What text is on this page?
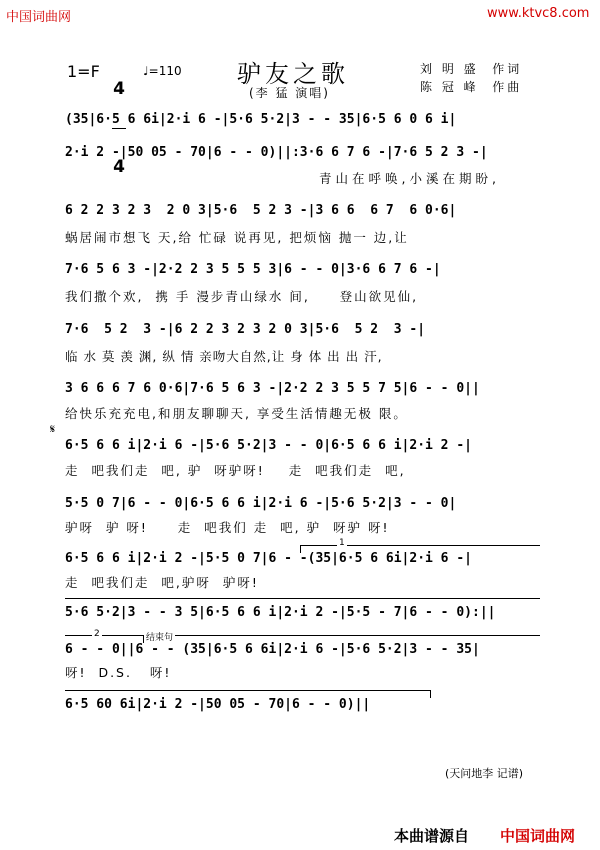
中国词曲网	www.ktvc8.com
1=F

4

4

♩=110 驴友之歌
(李 猛 演唱)
刘 明 盛  作词
陈 冠 峰  作曲
(35|6·5 6 6i|2·i 6 -|5·6 5·2|3 - - 35|6·5 6 0 6 i|
2·i 2 -|50 05 - 70|6 - - 0)||:3·6 6 7 6 -|7·6 5 2 3 -|
青山在呼唤,小溪在期盼,
6 2 2 3 2 3  2 0 3|5·6  5 2 3 -|3 6 6  6 7  6 0·6|
蜗居闹市想飞 天,给 忙碌 说再见, 把烦恼 抛一 边,让
7·6 5 6 3 -|2·2 2 3 5 5 5 3|6 - - 0|3·6 6 7 6 -|
我们撒个欢,  携 手 漫步青山绿水 间,     登山欲见仙,
7·6  5 2  3 -|6 2 2 3 2 3 2 0 3|5·6  5 2  3 -|
临 水 莫 羡 渊, 纵 情 亲吻大自然,让 身 体 出 出 汗,
3 6 6 6 7 6 0·6|7·6 5 6 3 -|2·2 2 3 5 5 7 5|6 - - 0||
给快乐充充电,和朋友聊聊天, 享受生活情趣无极 限。
𝄋
6·5 6 6 i|2·i 6 -|5·6 5·2|3 - - 0|6·5 6 6 i|2·i 2 -|
走  吧我们走  吧, 驴  呀驴呀!    走  吧我们走  吧,
5·5 0 7|6 - - 0|6·5 6 6 i|2·i 6 -|5·6 5·2|3 - - 0|
驴呀  驴 呀!     走  吧我们 走  吧, 驴  呀驴 呀!
1
6·5 6 6 i|2·i 2 -|5·5 0 7|6 - -(35|6·5 6 6i|2·i 6 -|
走  吧我们走  吧,驴呀  驴呀!
5·6 5·2|3 - - 3 5|6·5 6 6 i|2·i 2 -|5·5 - 7|6 - - 0):||
2	结束句
6 - - 0||6 - - (35|6·5 6 6i|2·i 6 -|5·6 5·2|3 - - 35|
呀!  D.S.   呀!
6·5 60 6i|2·i 2 -|50 05 - 70|6 - - 0)||
(天问地李 记谱)
本曲谱源自 中国词曲网
